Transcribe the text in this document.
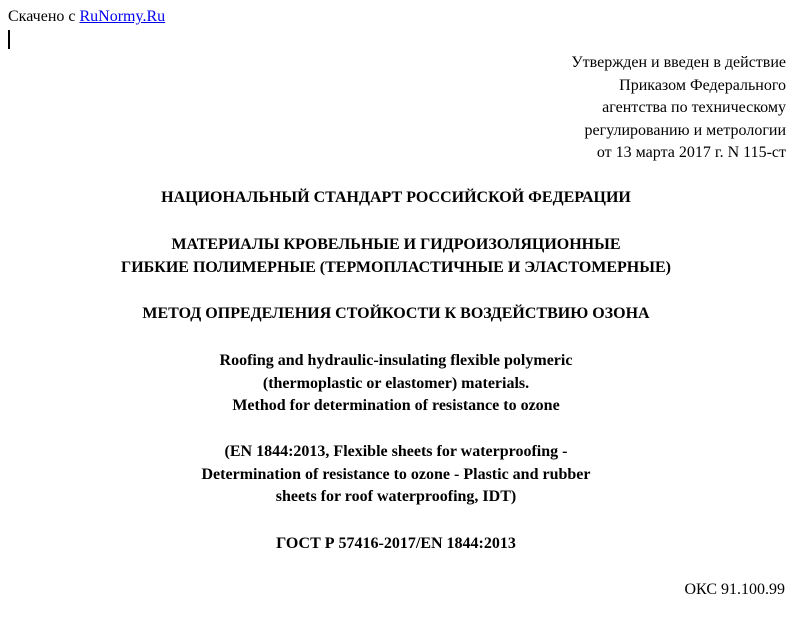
Скачено с RuNormy.Ru
Утвержден и введен в действие
Приказом Федерального
агентства по техническому
регулированию и метрологии
от 13 марта 2017 г. N 115-ст
НАЦИОНАЛЬНЫЙ СТАНДАРТ РОССИЙСКОЙ ФЕДЕРАЦИИ
МАТЕРИАЛЫ КРОВЕЛЬНЫЕ И ГИДРОИЗОЛЯЦИОННЫЕ
ГИБКИЕ ПОЛИМЕРНЫЕ (ТЕРМОПЛАСТИЧНЫЕ И ЭЛАСТОМЕРНЫЕ)
МЕТОД ОПРЕДЕЛЕНИЯ СТОЙКОСТИ К ВОЗДЕЙСТВИЮ ОЗОНА
Roofing and hydraulic-insulating flexible polymeric
(thermoplastic or elastomer) materials.
Method for determination of resistance to ozone
(EN 1844:2013, Flexible sheets for waterproofing -
Determination of resistance to ozone - Plastic and rubber
sheets for roof waterproofing, IDT)
ГОСТ Р 57416-2017/EN 1844:2013
ОКС 91.100.99
